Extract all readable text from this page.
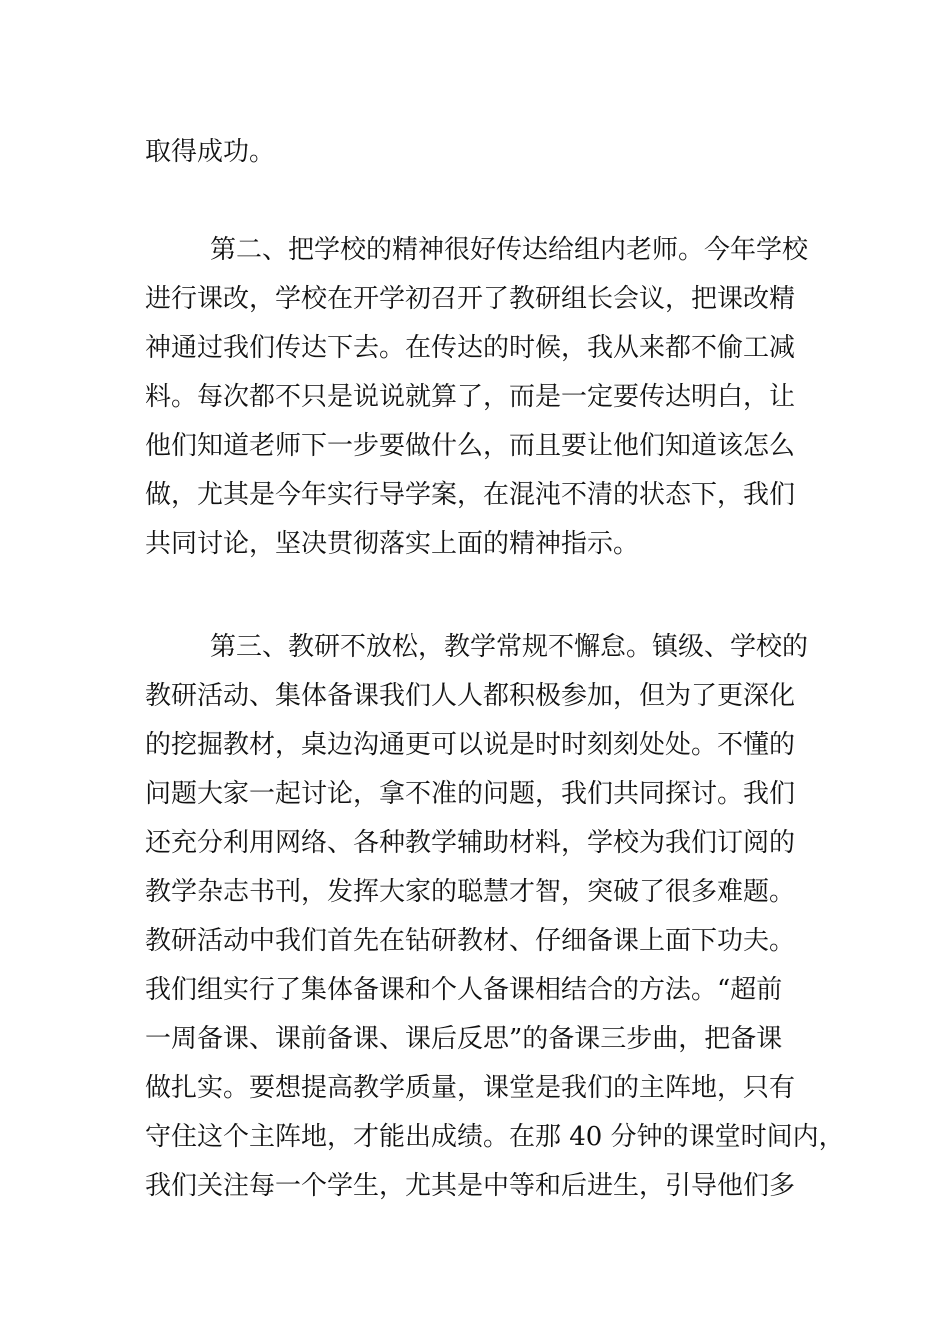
取得成功。
第二、把学校的精神很好传达给组内老师。今年学校
进行课改，学校在开学初召开了教研组长会议，把课改精
神通过我们传达下去。在传达的时候，我从来都不偷工减
料。每次都不只是说说就算了，而是一定要传达明白，让
他们知道老师下一步要做什么，而且要让他们知道该怎么
做，尤其是今年实行导学案，在混沌不清的状态下，我们
共同讨论，坚决贯彻落实上面的精神指示。
第三、教研不放松，教学常规不懈怠。镇级、学校的
教研活动、集体备课我们人人都积极参加，但为了更深化
的挖掘教材，桌边沟通更可以说是时时刻刻处处。不懂的
问题大家一起讨论，拿不准的问题，我们共同探讨。我们
还充分利用网络、各种教学辅助材料，学校为我们订阅的
教学杂志书刊，发挥大家的聪慧才智，突破了很多难题。
教研活动中我们首先在钻研教材、仔细备课上面下功夫。
我们组实行了集体备课和个人备课相结合的方法。“超前
一周备课、课前备课、课后反思”的备课三步曲，把备课
做扎实。要想提高教学质量，课堂是我们的主阵地，只有
守住这个主阵地，才能出成绩。在那 40 分钟的课堂时间内，
我们关注每一个学生，尤其是中等和后进生，引导他们多
